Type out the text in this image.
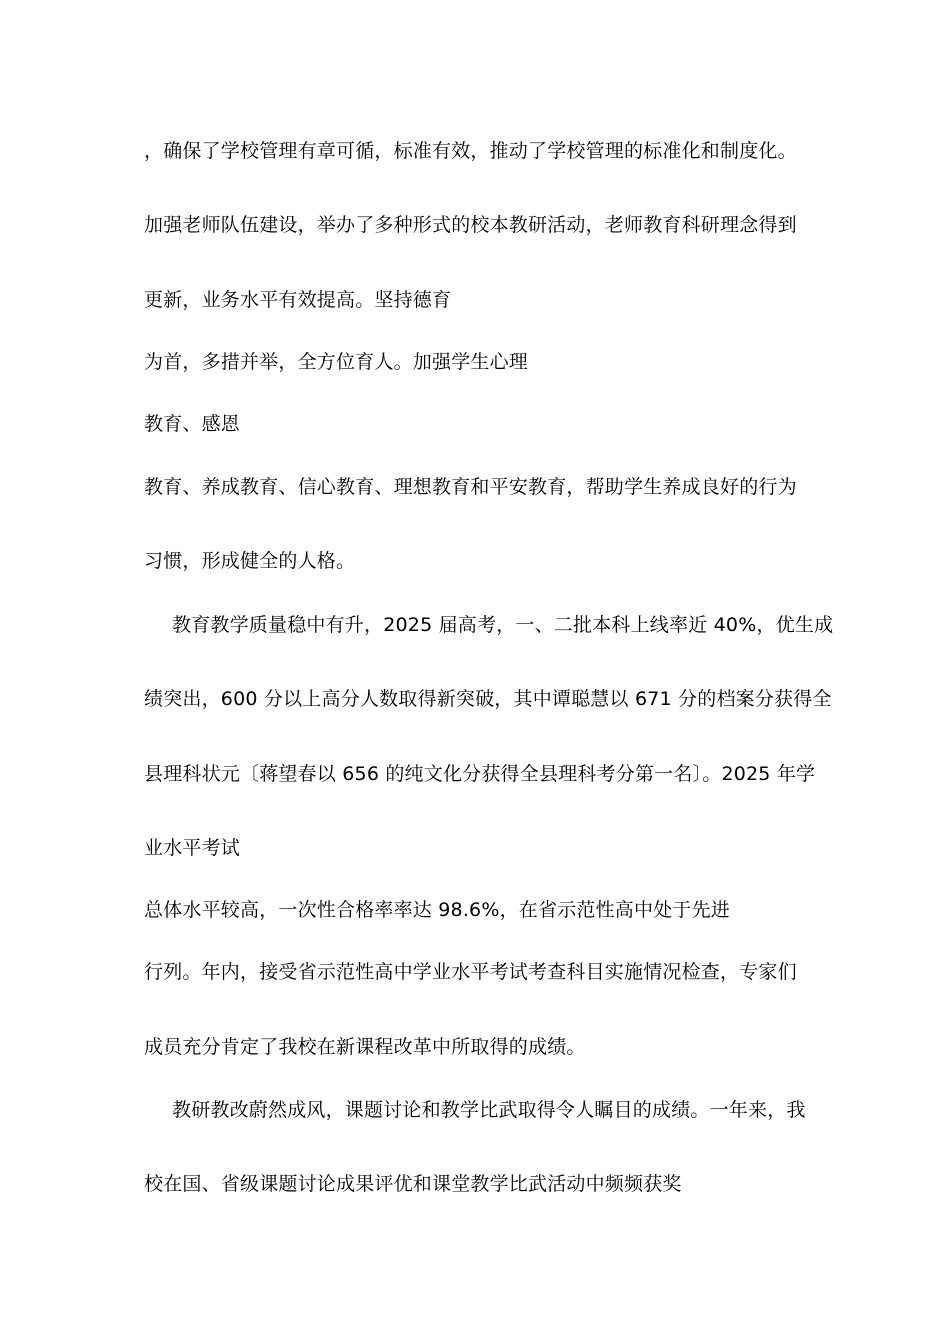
，确保了学校管理有章可循，标准有效，推动了学校管理的标准化和制度化。
加强老师队伍建设，举办了多种形式的校本教研活动，老师教育科研理念得到
更新，业务水平有效提高。坚持德育
为首，多措并举，全方位育人。加强学生心理
教育、感恩
教育、养成教育、信心教育、理想教育和平安教育，帮助学生养成良好的行为
习惯，形成健全的人格。
教育教学质量稳中有升，2025 届高考，一、二批本科上线率近 40%，优生成
绩突出，600 分以上高分人数取得新突破，其中谭聪慧以 671 分的档案分获得全
县理科状元〔蒋望春以 656 的纯文化分获得全县理科考分第一名〕。2025 年学
业水平考试
总体水平较高，一次性合格率率达 98.6%，在省示范性高中处于先进
行列。年内，接受省示范性高中学业水平考试考查科目实施情况检查，专家们
成员充分肯定了我校在新课程改革中所取得的成绩。
教研教改蔚然成风，课题讨论和教学比武取得令人瞩目的成绩。一年来，我
校在国、省级课题讨论成果评优和课堂教学比武活动中频频获奖
